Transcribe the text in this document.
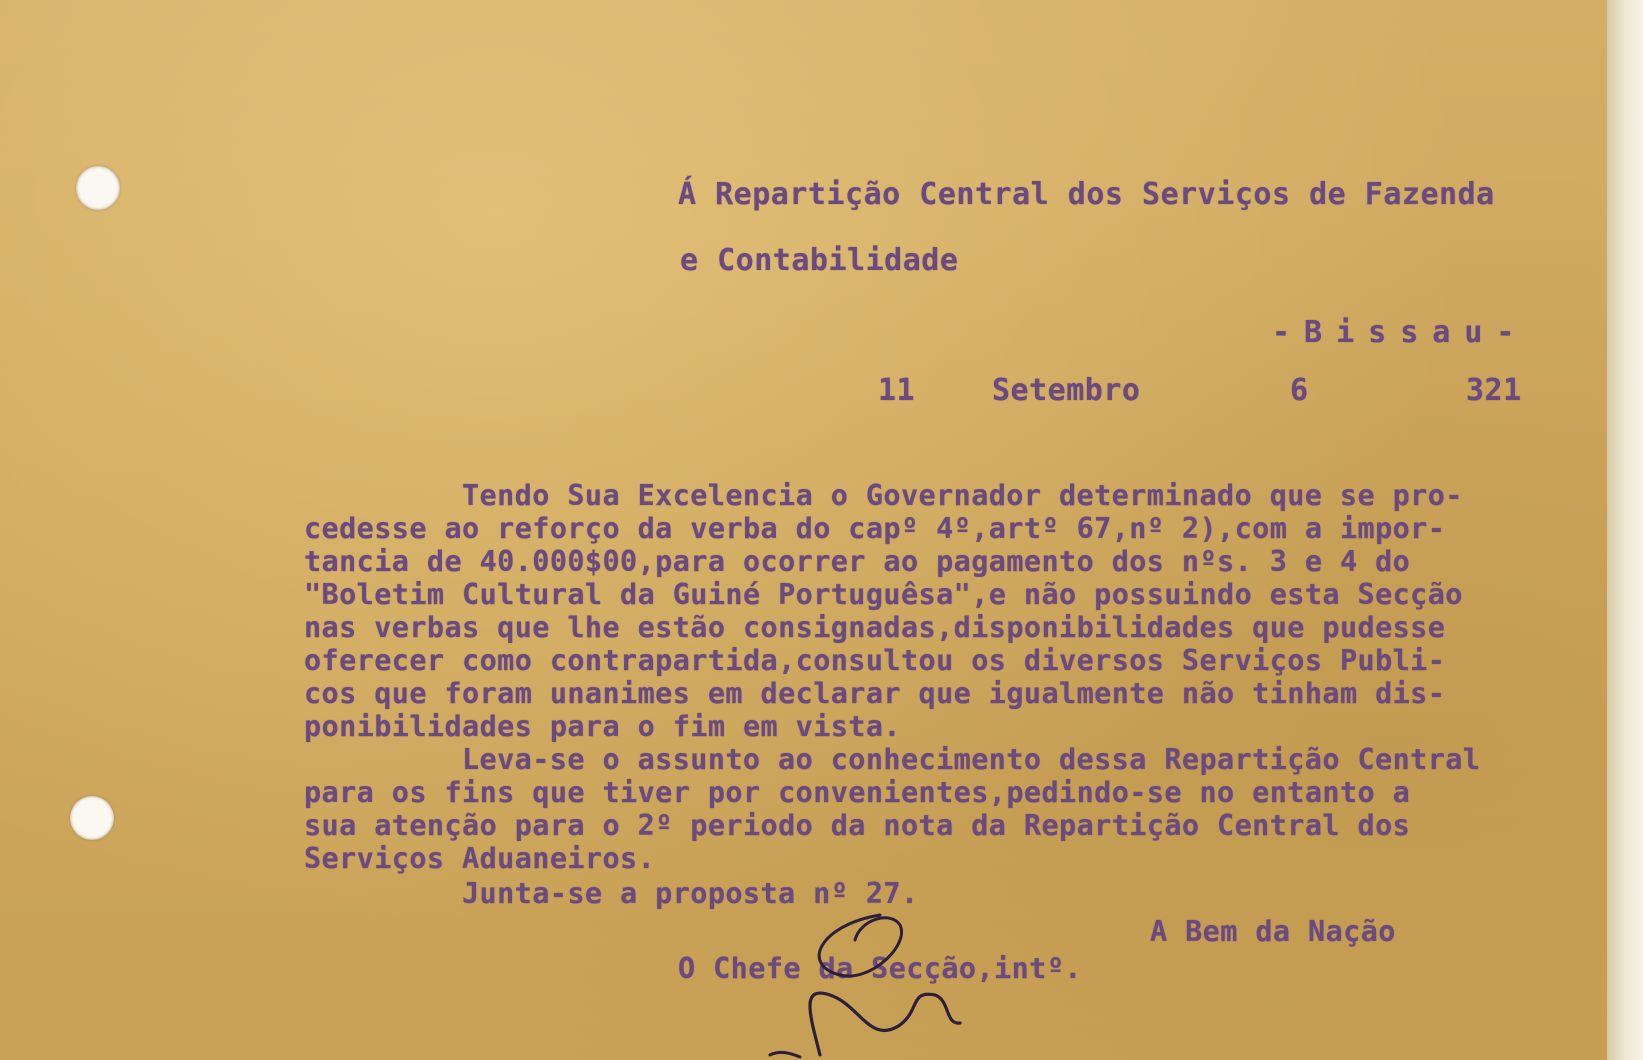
Á Repartição Central dos Serviços de Fazenda
e Contabilidade
-Bissau-
11	Setembro	6	321
Tendo Sua Excelencia o Governador determinado que se pro-
cedesse ao reforço da verba do capº 4º,artº 67,nº 2),com a impor-
tancia de 40.000$00,para ocorrer ao pagamento dos nºs. 3 e 4 do
"Boletim Cultural da Guiné Portuguêsa",e não possuindo esta Secção
nas verbas que lhe estão consignadas,disponibilidades que pudesse
oferecer como contrapartida,consultou os diversos Serviços Publi-
cos que foram unanimes em declarar que igualmente não tinham dis-
ponibilidades para o fim em vista.
Leva-se o assunto ao conhecimento dessa Repartição Central
para os fins que tiver por convenientes,pedindo-se no entanto a
sua atenção para o 2º periodo da nota da Repartição Central dos
Serviços Aduaneiros.
Junta-se a proposta nº 27.
A Bem da Nação
O Chefe da Secção,intº.
